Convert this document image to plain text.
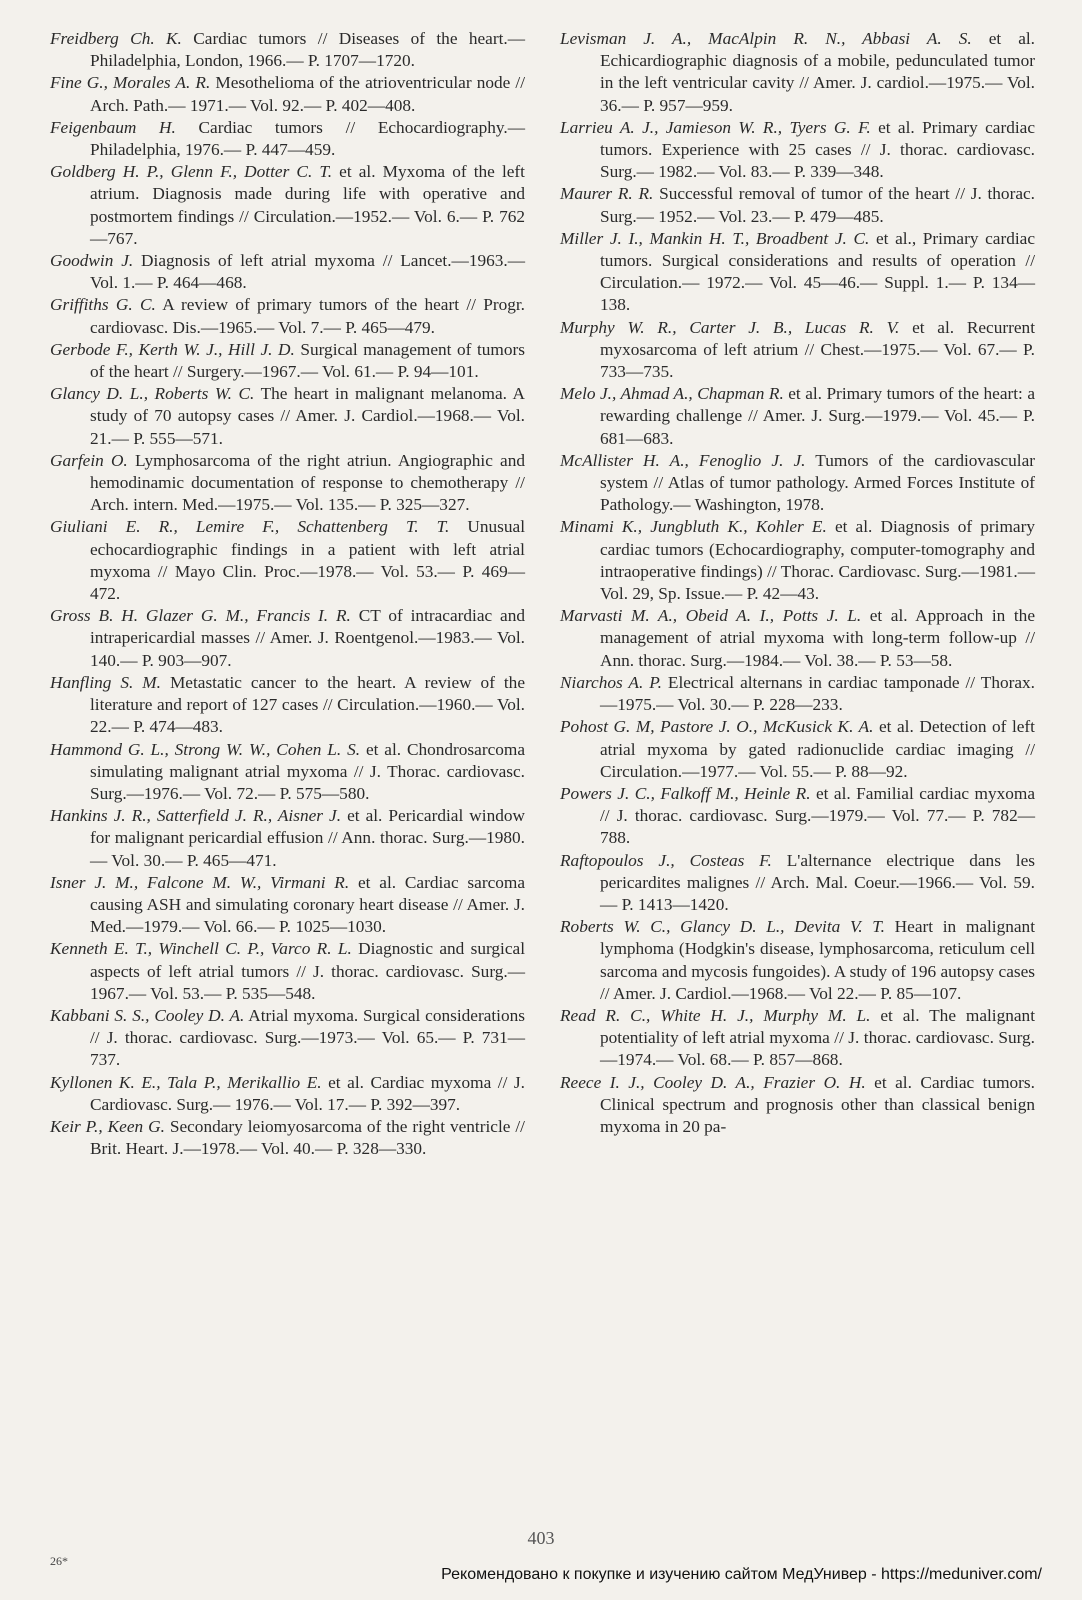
Freidberg Ch. K. Cardiac tumors // Diseases of the heart.— Philadelphia, London, 1966.— P. 1707—1720.

Fine G., Morales A. R. Mesothelioma of the atrioventricular node // Arch. Path.— 1971.— Vol. 92.— P. 402—408.

Feigenbaum H. Cardiac tumors // Echocardiography.— Philadelphia, 1976.— P. 447—459.

Goldberg H. P., Glenn F., Dotter C. T. et al. Myxoma of the left atrium. Diagnosis made during life with operative and postmortem findings // Circulation.—1952.— Vol. 6.— P. 762—767.

Goodwin J. Diagnosis of left atrial myxoma // Lancet.—1963.— Vol. 1.— P. 464—468.

Griffiths G. C. A review of primary tumors of the heart // Progr. cardiovasc. Dis.—1965.— Vol. 7.— P. 465—479.

Gerbode F., Kerth W. J., Hill J. D. Surgical management of tumors of the heart // Surgery.—1967.— Vol. 61.— P. 94—101.

Glancy D. L., Roberts W. C. The heart in malignant melanoma. A study of 70 autopsy cases // Amer. J. Cardiol.—1968.— Vol. 21.— P. 555—571.

Garfein O. Lymphosarcoma of the right atriun. Angiographic and hemodinamic documentation of response to chemotherapy // Arch. intern. Med.—1975.— Vol. 135.— P. 325—327.

Giuliani E. R., Lemire F., Schattenberg T. T. Unusual echocardiographic findings in a patient with left atrial myxoma // Mayo Clin. Proc.—1978.— Vol. 53.— P. 469—472.

Gross B. H. Glazer G. M., Francis I. R. CT of intracardiac and intrapericardial masses // Amer. J. Roentgenol.—1983.— Vol. 140.— P. 903—907.

Hanfling S. M. Metastatic cancer to the heart. A review of the literature and report of 127 cases // Circulation.—1960.— Vol. 22.— P. 474—483.

Hammond G. L., Strong W. W., Cohen L. S. et al. Chondrosarcoma simulating malignant atrial myxoma // J. Thorac. cardiovasc. Surg.—1976.— Vol. 72.— P. 575—580.

Hankins J. R., Satterfield J. R., Aisner J. et al. Pericardial window for malignant pericardial effusion // Ann. thorac. Surg.—1980.— Vol. 30.— P. 465—471.

Isner J. M., Falcone M. W., Virmani R. et al. Cardiac sarcoma causing ASH and simulating coronary heart disease // Amer. J. Med.—1979.— Vol. 66.— P. 1025—1030.

Kenneth E. T., Winchell C. P., Varco R. L. Diagnostic and surgical aspects of left atrial tumors // J. thorac. cardiovasc. Surg.— 1967.— Vol. 53.— P. 535—548.

Kabbani S. S., Cooley D. A. Atrial myxoma. Surgical considerations // J. thorac. cardiovasc. Surg.—1973.— Vol. 65.— P. 731—737.

Kyllonen K. E., Tala P., Merikallio E. et al. Cardiac myxoma // J. Cardiovasc. Surg.— 1976.— Vol. 17.— P. 392—397.

Keir P., Keen G. Secondary leiomyosarcoma of the right ventricle // Brit. Heart. J.—1978.— Vol. 40.— P. 328—330.

Levisman J. A., MacAlpin R. N., Abbasi A. S. et al. Echicardiographic diagnosis of a mobile, pedunculated tumor in the left ventricular cavity // Amer. J. cardiol.—1975.— Vol. 36.— P. 957—959.

Larrieu A. J., Jamieson W. R., Tyers G. F. et al. Primary cardiac tumors. Experience with 25 cases // J. thorac. cardiovasc. Surg.— 1982.— Vol. 83.— P. 339—348.

Maurer R. R. Successful removal of tumor of the heart // J. thorac. Surg.— 1952.— Vol. 23.— P. 479—485.

Miller J. I., Mankin H. T., Broadbent J. C. et al., Primary cardiac tumors. Surgical considerations and results of operation // Circulation.— 1972.— Vol. 45—46.— Suppl. 1.— P. 134—138.

Murphy W. R., Carter J. B., Lucas R. V. et al. Recurrent myxosarcoma of left atrium // Chest.—1975.— Vol. 67.— P. 733—735.

Melo J., Ahmad A., Chapman R. et al. Primary tumors of the heart: a rewarding challenge // Amer. J. Surg.—1979.— Vol. 45.— P. 681—683.

McAllister H. A., Fenoglio J. J. Tumors of the cardiovascular system // Atlas of tumor pathology. Armed Forces Institute of Pathology.— Washington, 1978.

Minami K., Jungbluth K., Kohler E. et al. Diagnosis of primary cardiac tumors (Echocardiography, computer-tomography and intraoperative findings) // Thorac. Cardiovasc. Surg.—1981.— Vol. 29, Sp. Issue.— P. 42—43.

Marvasti M. A., Obeid A. I., Potts J. L. et al. Approach in the management of atrial myxoma with long-term follow-up // Ann. thorac. Surg.—1984.— Vol. 38.— P. 53—58.

Niarchos A. P. Electrical alternans in cardiac tamponade // Thorax.—1975.— Vol. 30.— P. 228—233.

Pohost G. M, Pastore J. O., McKusick K. A. et al. Detection of left atrial myxoma by gated radionuclide cardiac imaging // Circulation.—1977.— Vol. 55.— P. 88—92.

Powers J. C., Falkoff M., Heinle R. et al. Familial cardiac myxoma // J. thorac. cardiovasc. Surg.—1979.— Vol. 77.— P. 782—788.

Raftopoulos J., Costeas F. L'alternance electrique dans les pericardites malignes // Arch. Mal. Coeur.—1966.— Vol. 59.— P. 1413—1420.

Roberts W. C., Glancy D. L., Devita V. T. Heart in malignant lymphoma (Hodgkin's disease, lymphosarcoma, reticulum cell sarcoma and mycosis fungoides). A study of 196 autopsy cases // Amer. J. Cardiol.—1968.— Vol 22.— P. 85—107.

Read R. C., White H. J., Murphy M. L. et al. The malignant potentiality of left atrial myxoma // J. thorac. cardiovasc. Surg.—1974.— Vol. 68.— P. 857—868.

Reece I. J., Cooley D. A., Frazier O. H. et al. Cardiac tumors. Clinical spectrum and prognosis other than classical benign myxoma in 20 pa-

403
26*
Рекомендовано к покупке и изучению сайтом МедУнивер - https://meduniver.com/
